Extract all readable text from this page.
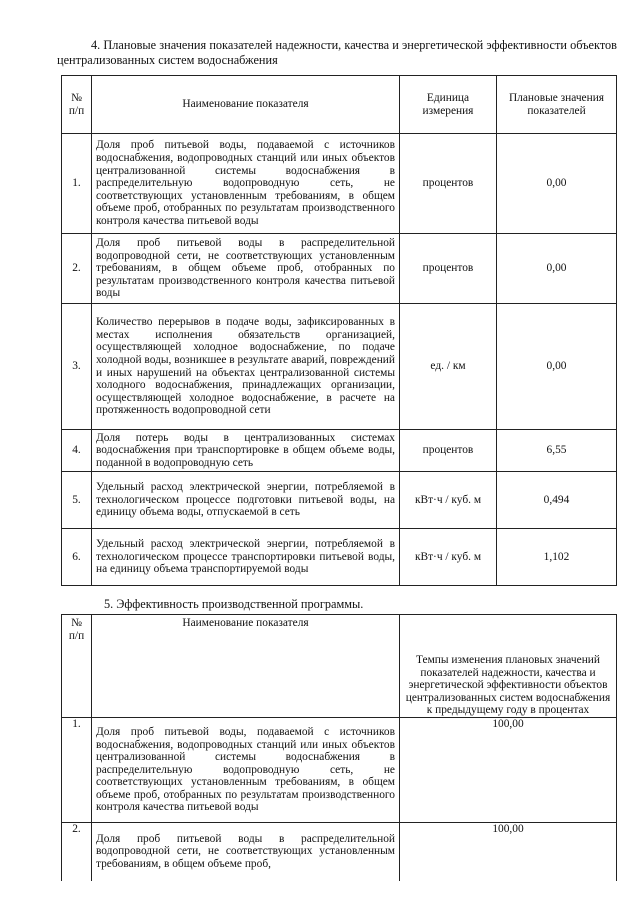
4. Плановые значения показателей надежности, качества и энергетической эффективности объектов централизованных систем водоснабжения
№ п/п	Наименование показателя	Единица измерения	Плановые значения показателей
1.	Доля проб питьевой воды, подаваемой с источников водоснабжения, водопроводных станций или иных объектов централизованной системы водоснабжения в распределительную водопроводную сеть, не соответствующих установленным требованиям, в общем объеме проб, отобранных по результатам производственного контроля качества питьевой воды	процентов	0,00
2.	Доля проб питьевой воды в распределительной водопроводной сети, не соответствующих установленным требованиям, в общем объеме проб, отобранных по результатам производственного контроля качества питьевой воды	процентов	0,00
3.	Количество перерывов в подаче воды, зафиксированных в местах исполнения обязательств организацией, осуществляющей холодное водоснабжение, по подаче холодной воды, возникшее в результате аварий, повреждений и иных нарушений на объектах централизованной системы холодного водоснабжения, принадлежащих организации, осуществляющей холодное водоснабжение, в расчете на протяженность водопроводной сети	ед. / км	0,00
4.	Доля потерь воды в централизованных системах водоснабжения при транспортировке в общем объеме воды, поданной в водопроводную сеть	процентов	6,55
5.	Удельный расход электрической энергии, потребляемой в технологическом процессе подготовки питьевой воды, на единицу объема воды, отпускаемой в сеть	кВт·ч / куб. м	0,494
6.	Удельный расход электрической энергии, потребляемой в технологическом процессе транспортировки питьевой воды, на единицу объема транспортируемой воды	кВт·ч / куб. м	1,102
5. Эффективность производственной программы.
№ п/п	Наименование показателя	Темпы изменения плановых значений показателей надежности, качества и энергетической эффективности объектов централизованных систем водоснабжения к предыдущему году в процентах
1.	Доля проб питьевой воды, подаваемой с источников водоснабжения, водопроводных станций или иных объектов централизованной системы водоснабжения в распределительную водопроводную сеть, не соответствующих установленным требованиям, в общем объеме проб, отобранных по результатам производственного контроля качества питьевой воды	100,00
2.	Доля проб питьевой воды в распределительной водопроводной сети, не соответствующих установленным требованиям, в общем объеме проб,	100,00
